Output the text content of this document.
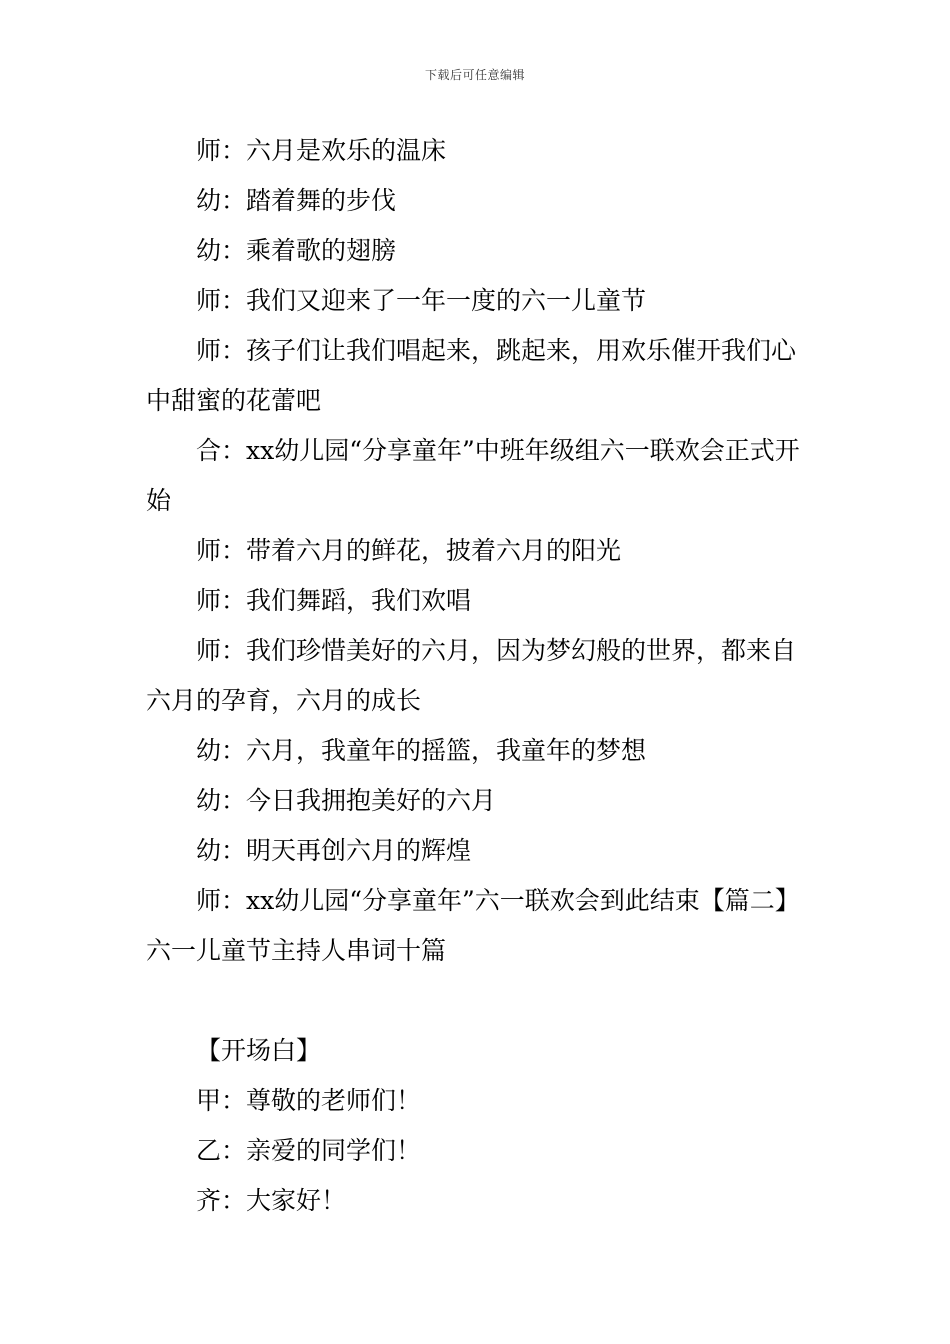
下载后可任意编辑

师：六月是欢乐的温床

幼：踏着舞的步伐

幼：乘着歌的翅膀

师：我们又迎来了一年一度的六一儿童节

师：孩子们让我们唱起来，跳起来，用欢乐催开我们心中甜蜜的花蕾吧

合：xx幼儿园“分享童年”中班年级组六一联欢会正式开始

师：带着六月的鲜花，披着六月的阳光

师：我们舞蹈，我们欢唱

师：我们珍惜美好的六月，因为梦幻般的世界，都来自六月的孕育，六月的成长

幼：六月，我童年的摇篮，我童年的梦想

幼：今日我拥抱美好的六月

幼：明天再创六月的辉煌

师：xx幼儿园“分享童年”六一联欢会到此结束【篇二】六一儿童节主持人串词十篇

【开场白】

甲：尊敬的老师们！

乙：亲爱的同学们！

齐：大家好！
